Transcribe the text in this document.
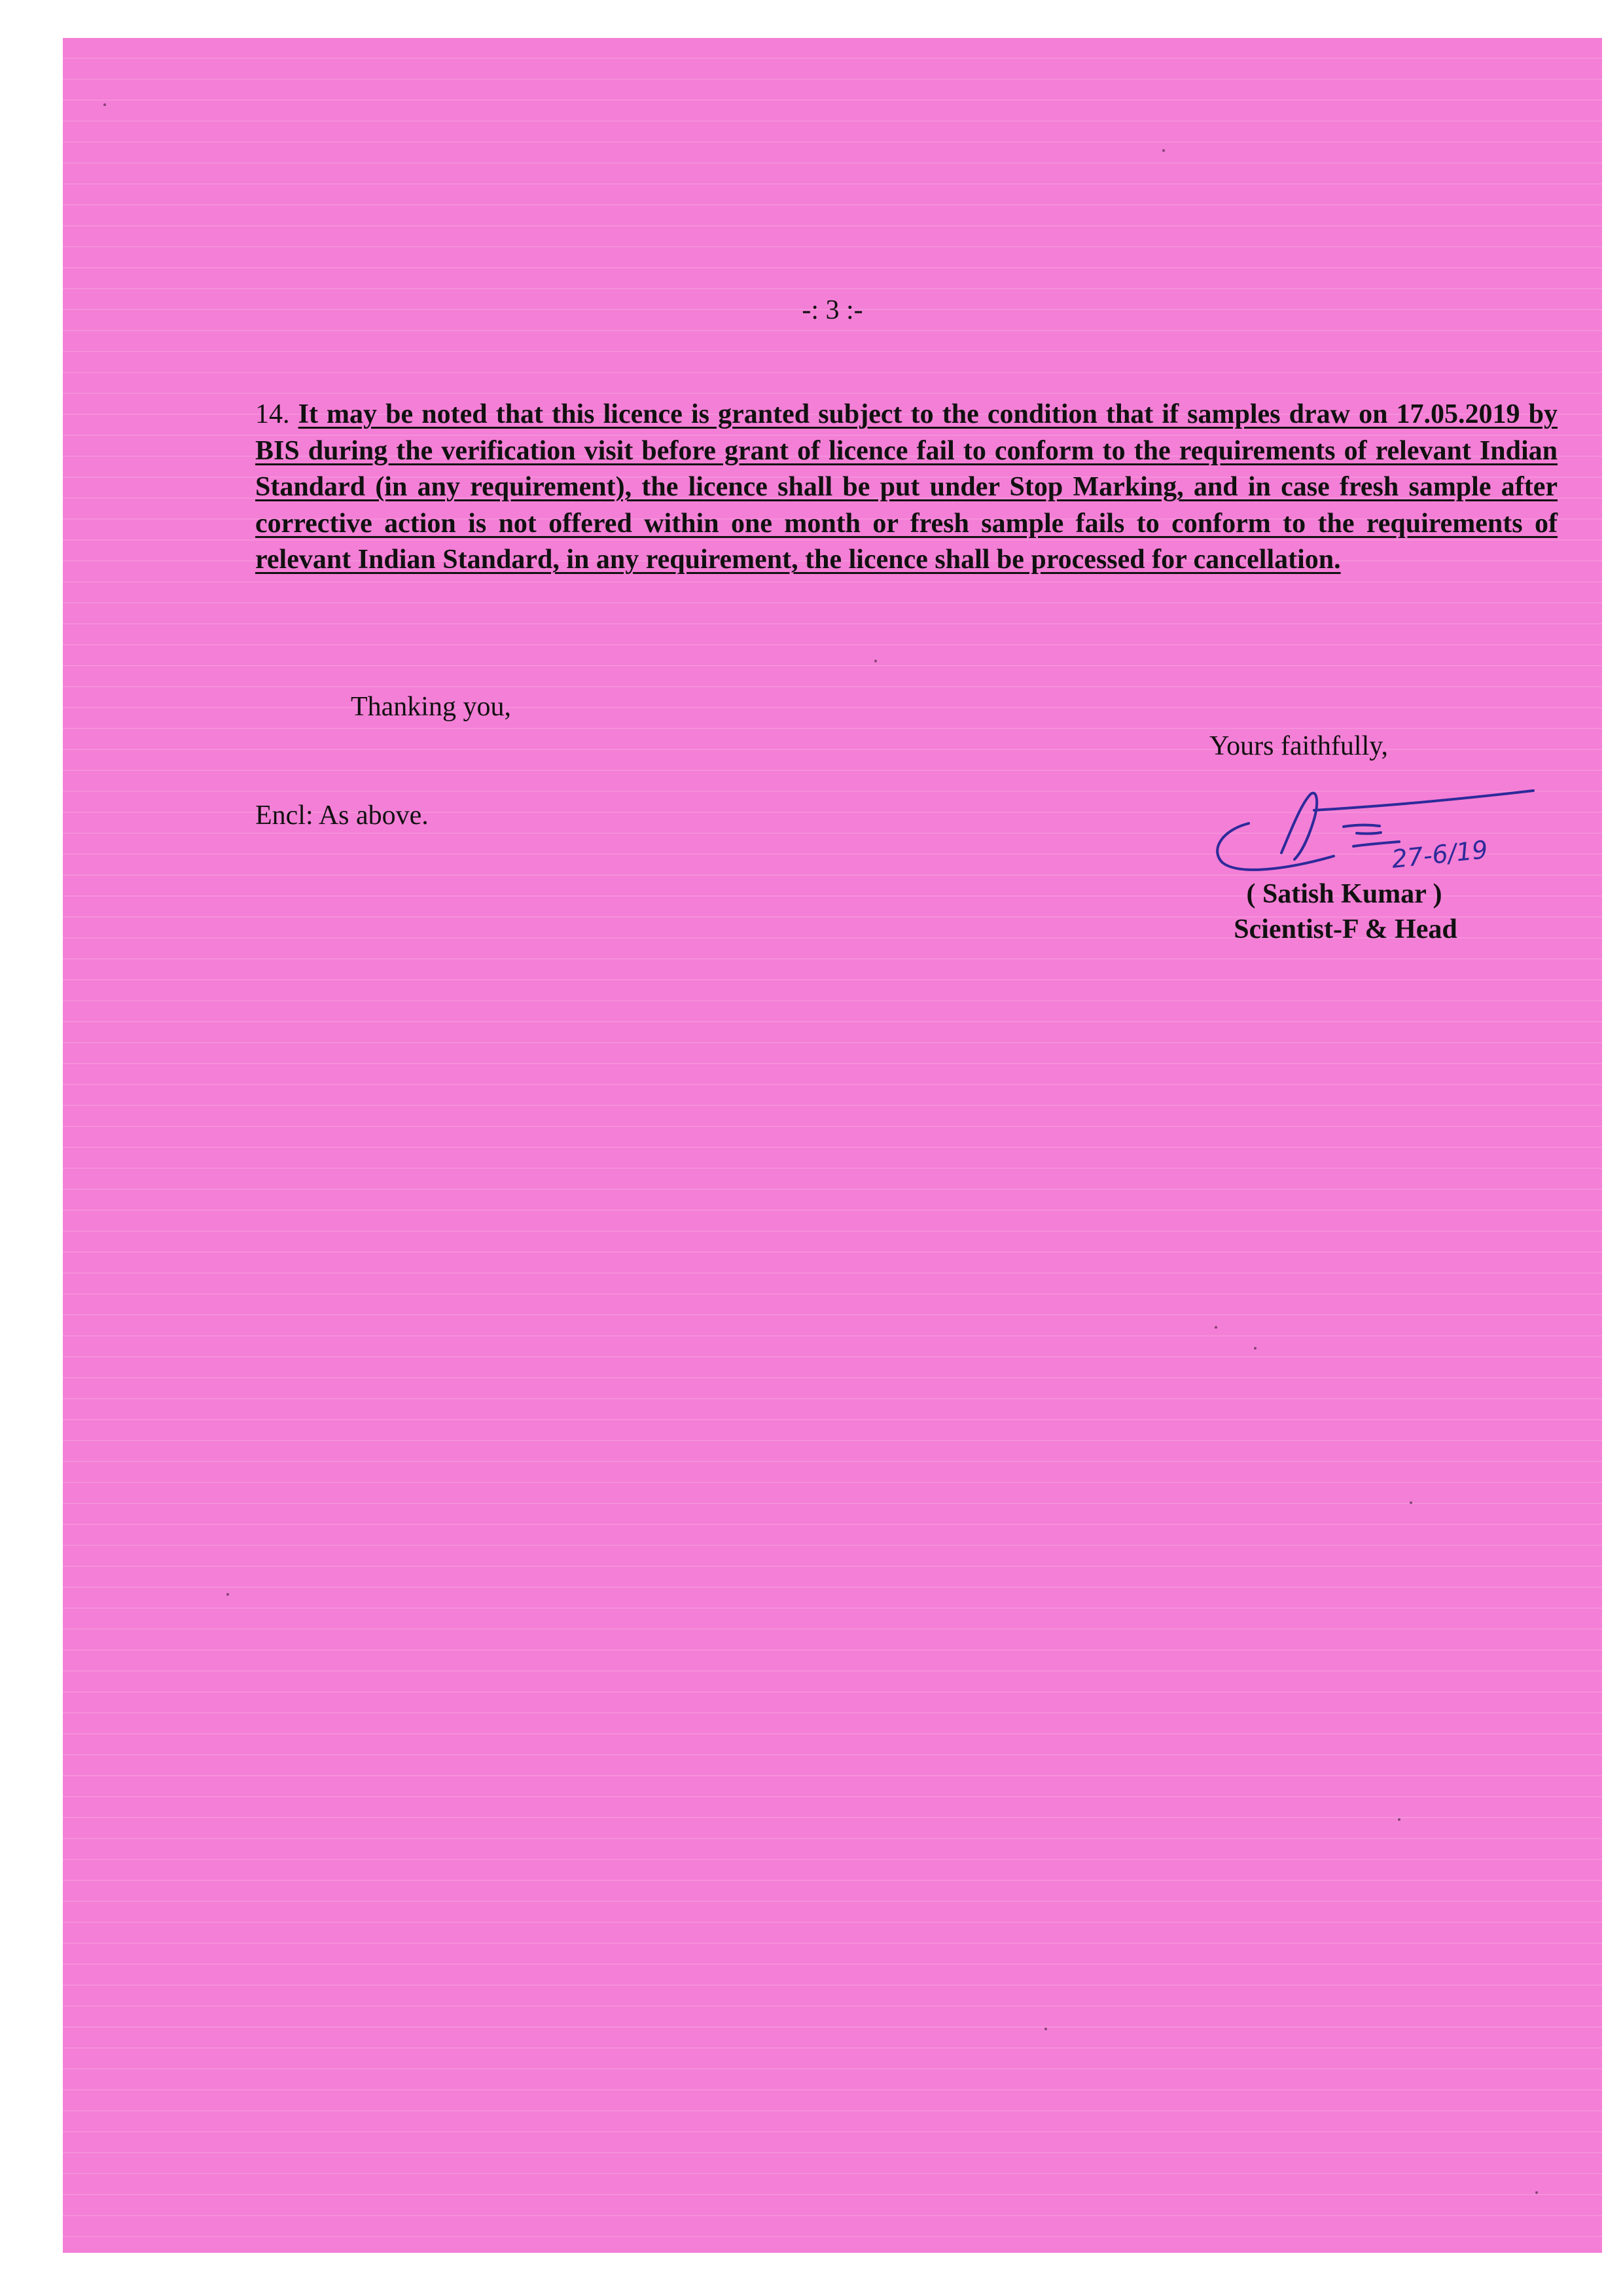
-: 3 :-
14. It may be noted that this licence is granted subject to the condition that if samples draw on 17.05.2019 by BIS during the verification visit before grant of licence fail to conform to the requirements of relevant Indian Standard (in any requirement), the licence shall be put under Stop Marking, and in case fresh sample after corrective action is not offered within one month or fresh sample fails to conform to the requirements of relevant Indian Standard, in any requirement, the licence shall be processed for cancellation.
Thanking you,
Yours faithfully,
Encl: As above.
27-6/19
( Satish Kumar )
Scientist-F & Head
